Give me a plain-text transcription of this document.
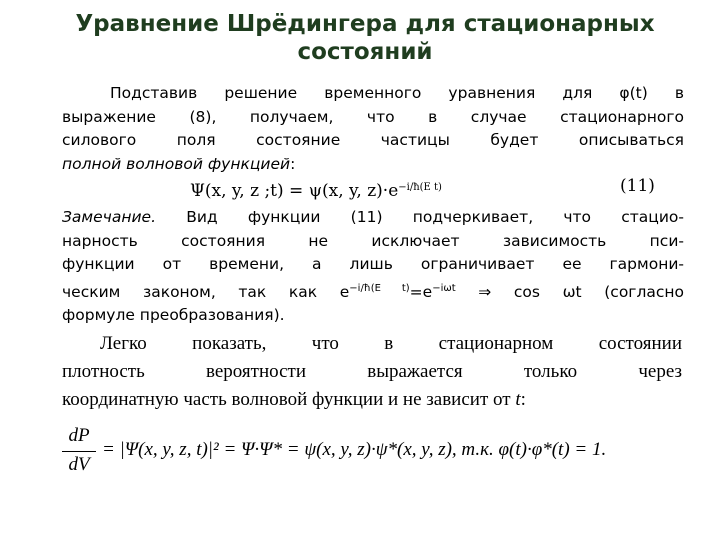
Уравнение Шрёдингера для стационарных состояний
Подставив решение временного уравнения для φ(t) в
выражение (8), получаем, что в случае стационарного
силового поля состояние частицы будет описываться
полной волновой функцией:
Ψ(x, y, z ;t) = ψ(x, y, $z)\cdot e^{-i/ħ(E t)}$	(11)
Замечание. Вид функции (11) подчеркивает, что стацио-
нарность состояния не исключает зависимость пси-
функции от времени, а лишь ограничивает ее гармони-
ческим законом, так как $e^{-i/ħ(E t)}=e^{-i\omega t}$ ⇒ cos ωt (согласно
формуле преобразования).
Легко показать, что в стационарном состоянии
плотность вероятности выражается только через
координатную часть волновой функции и не зависит от t:
dP
dV
= |Ψ(x, y, z, t)|² = Ψ·Ψ* = ψ(x, y, z)·ψ*(x, y, z), т.к. φ(t)·φ*(t) = 1.
